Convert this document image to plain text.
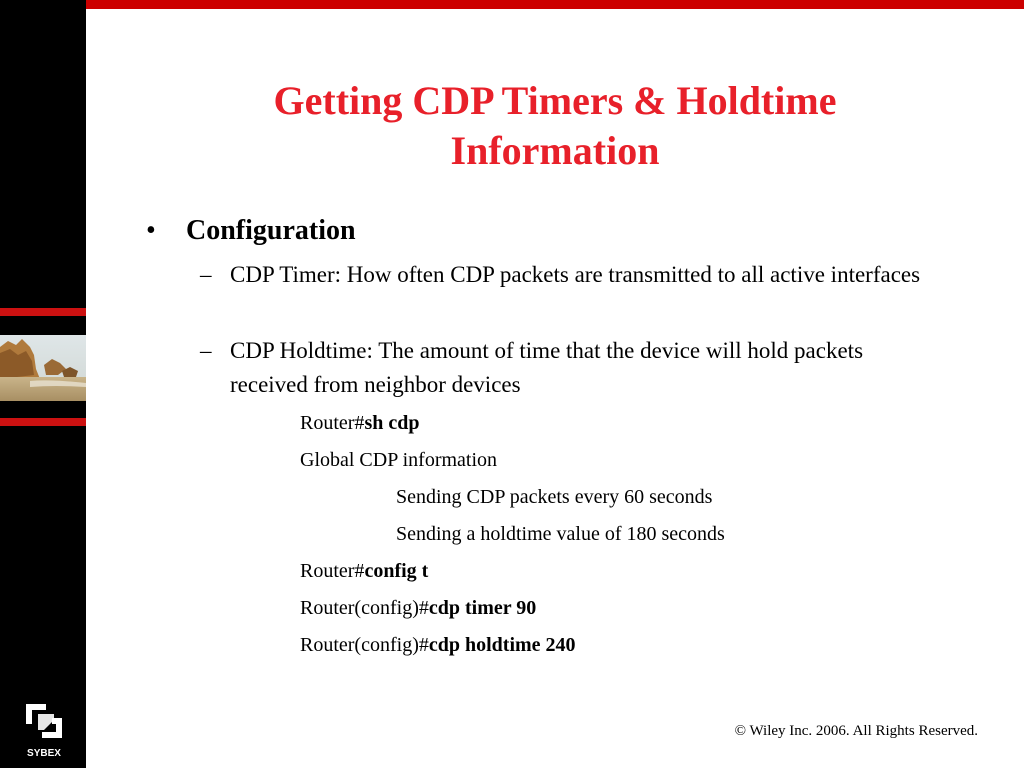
SYBEX
Getting CDP Timers & Holdtime Information
• Configuration
– CDP Timer: How often CDP packets are transmitted to all active interfaces
– CDP Holdtime: The amount of time that the device will hold packets received from neighbor devices
Router#sh cdp
Global CDP information
Sending CDP packets every 60 seconds
Sending a holdtime value of 180 seconds
Router#config t
Router(config)#cdp timer 90
Router(config)#cdp holdtime 240
© Wiley Inc. 2006. All Rights Reserved.
